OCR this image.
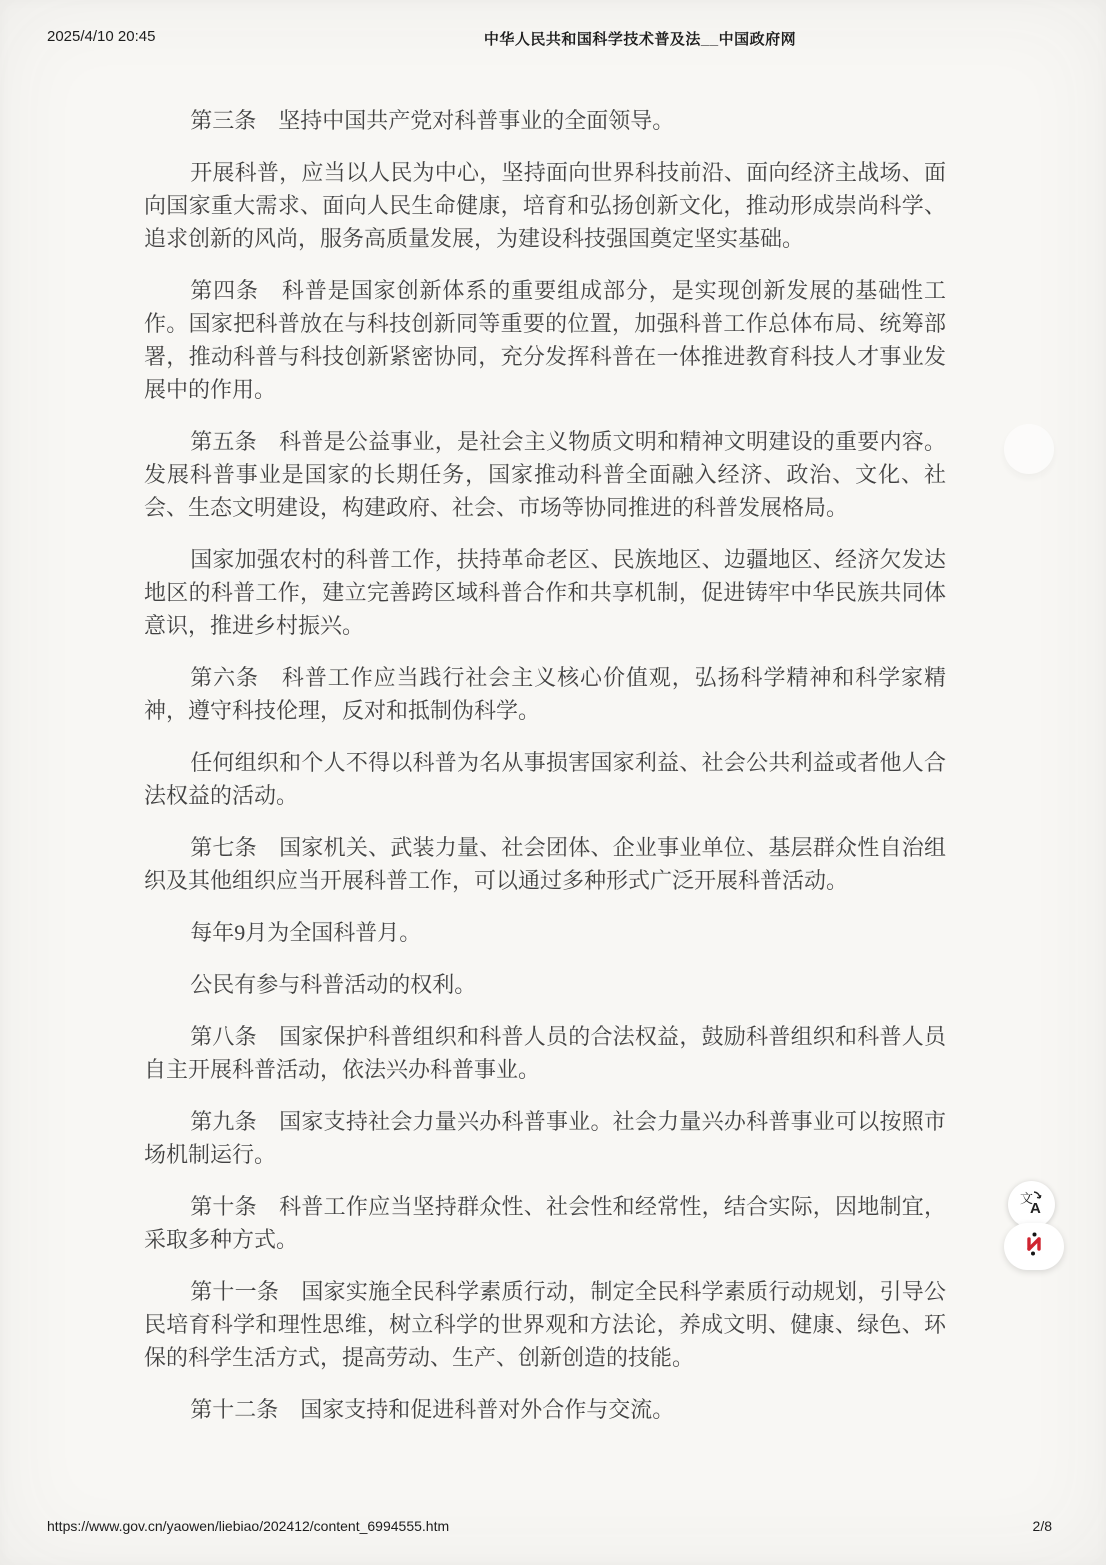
2025/4/10 20:45	中华人民共和国科学技术普及法__中国政府网

第三条　坚持中国共产党对科普事业的全面领导。

开展科普，应当以人民为中心，坚持面向世界科技前沿、面向经济主战场、面向国家重大需求、面向人民生命健康，培育和弘扬创新文化，推动形成崇尚科学、追求创新的风尚，服务高质量发展，为建设科技强国奠定坚实基础。

第四条　科普是国家创新体系的重要组成部分，是实现创新发展的基础性工作。国家把科普放在与科技创新同等重要的位置，加强科普工作总体布局、统筹部署，推动科普与科技创新紧密协同，充分发挥科普在一体推进教育科技人才事业发展中的作用。

第五条　科普是公益事业，是社会主义物质文明和精神文明建设的重要内容。发展科普事业是国家的长期任务，国家推动科普全面融入经济、政治、文化、社会、生态文明建设，构建政府、社会、市场等协同推进的科普发展格局。

国家加强农村的科普工作，扶持革命老区、民族地区、边疆地区、经济欠发达地区的科普工作，建立完善跨区域科普合作和共享机制，促进铸牢中华民族共同体意识，推进乡村振兴。

第六条　科普工作应当践行社会主义核心价值观，弘扬科学精神和科学家精神，遵守科技伦理，反对和抵制伪科学。

任何组织和个人不得以科普为名从事损害国家利益、社会公共利益或者他人合法权益的活动。

第七条　国家机关、武装力量、社会团体、企业事业单位、基层群众性自治组织及其他组织应当开展科普工作，可以通过多种形式广泛开展科普活动。

每年9月为全国科普月。

公民有参与科普活动的权利。

第八条　国家保护科普组织和科普人员的合法权益，鼓励科普组织和科普人员自主开展科普活动，依法兴办科普事业。

第九条　国家支持社会力量兴办科普事业。社会力量兴办科普事业可以按照市场机制运行。

第十条　科普工作应当坚持群众性、社会性和经常性，结合实际，因地制宜，采取多种方式。

第十一条　国家实施全民科学素质行动，制定全民科学素质行动规划，引导公民培育科学和理性思维，树立科学的世界观和方法论，养成文明、健康、绿色、环保的科学生活方式，提高劳动、生产、创新创造的技能。

第十二条　国家支持和促进科普对外合作与交流。

文
A
https://www.gov.cn/yaowen/liebiao/202412/content_6994555.htm	2/8
